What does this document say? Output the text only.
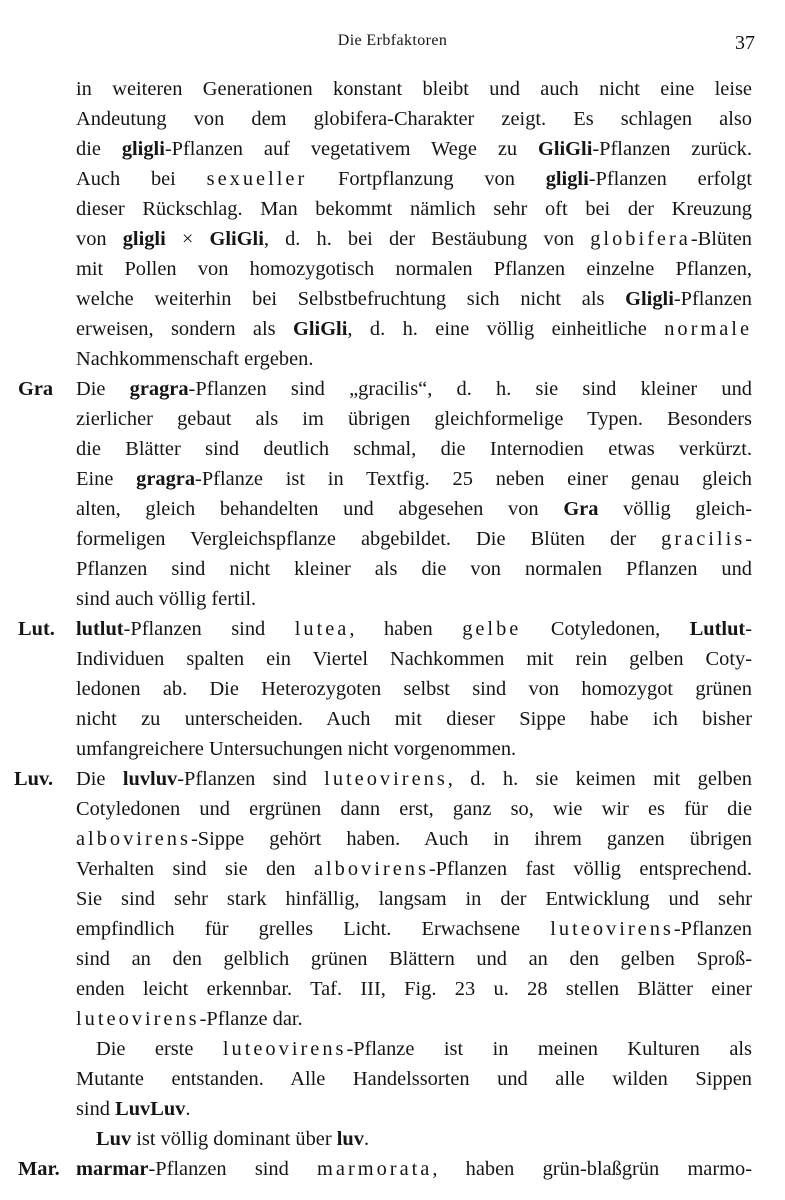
Die Erbfaktoren	37
in weiteren Generationen konstant bleibt und auch nicht eine leise
Andeutung von dem globifera-Charakter zeigt. Es schlagen also
die gligli-Pflanzen auf vegetativem Wege zu GliGli-Pflanzen zurück.
Auch bei sexueller Fortpflanzung von gligli-Pflanzen erfolgt
dieser Rückschlag. Man bekommt nämlich sehr oft bei der Kreuzung
von gligli × GliGli, d. h. bei der Bestäubung von globifera-Blüten
mit Pollen von homozygotisch normalen Pflanzen einzelne Pflanzen,
welche weiterhin bei Selbstbefruchtung sich nicht als Gligli-Pflanzen
erweisen, sondern als GliGli, d. h. eine völlig einheitliche normale
Nachkommenschaft ergeben.
Gra Die gragra-Pflanzen sind „gracilis“, d. h. sie sind kleiner und
zierlicher gebaut als im übrigen gleichformelige Typen. Besonders
die Blätter sind deutlich schmal, die Internodien etwas verkürzt.
Eine gragra-Pflanze ist in Textfig. 25 neben einer genau gleich
alten, gleich behandelten und abgesehen von Gra völlig gleich-
formeligen Vergleichspflanze abgebildet. Die Blüten der gracilis-
Pflanzen sind nicht kleiner als die von normalen Pflanzen und
sind auch völlig fertil.
Lut. lutlut-Pflanzen sind lutea, haben gelbe Cotyledonen, Lutlut-
Individuen spalten ein Viertel Nachkommen mit rein gelben Coty-
ledonen ab. Die Heterozygoten selbst sind von homozygot grünen
nicht zu unterscheiden. Auch mit dieser Sippe habe ich bisher
umfangreichere Untersuchungen nicht vorgenommen.
Luv. Die luvluv-Pflanzen sind luteovirens, d. h. sie keimen mit gelben
Cotyledonen und ergrünen dann erst, ganz so, wie wir es für die
albovirens-Sippe gehört haben. Auch in ihrem ganzen übrigen
Verhalten sind sie den albovirens-Pflanzen fast völlig entsprechend.
Sie sind sehr stark hinfällig, langsam in der Entwicklung und sehr
empfindlich für grelles Licht. Erwachsene luteovirens-Pflanzen
sind an den gelblich grünen Blättern und an den gelben Sproß-
enden leicht erkennbar. Taf. III, Fig. 23 u. 28 stellen Blätter einer
luteovirens-Pflanze dar.
Die erste luteovirens-Pflanze ist in meinen Kulturen als
Mutante entstanden. Alle Handelssorten und alle wilden Sippen
sind LuvLuv.
Luv ist völlig dominant über luv.
Mar. marmar-Pflanzen sind marmorata, haben grün-blaßgrün marmo-
